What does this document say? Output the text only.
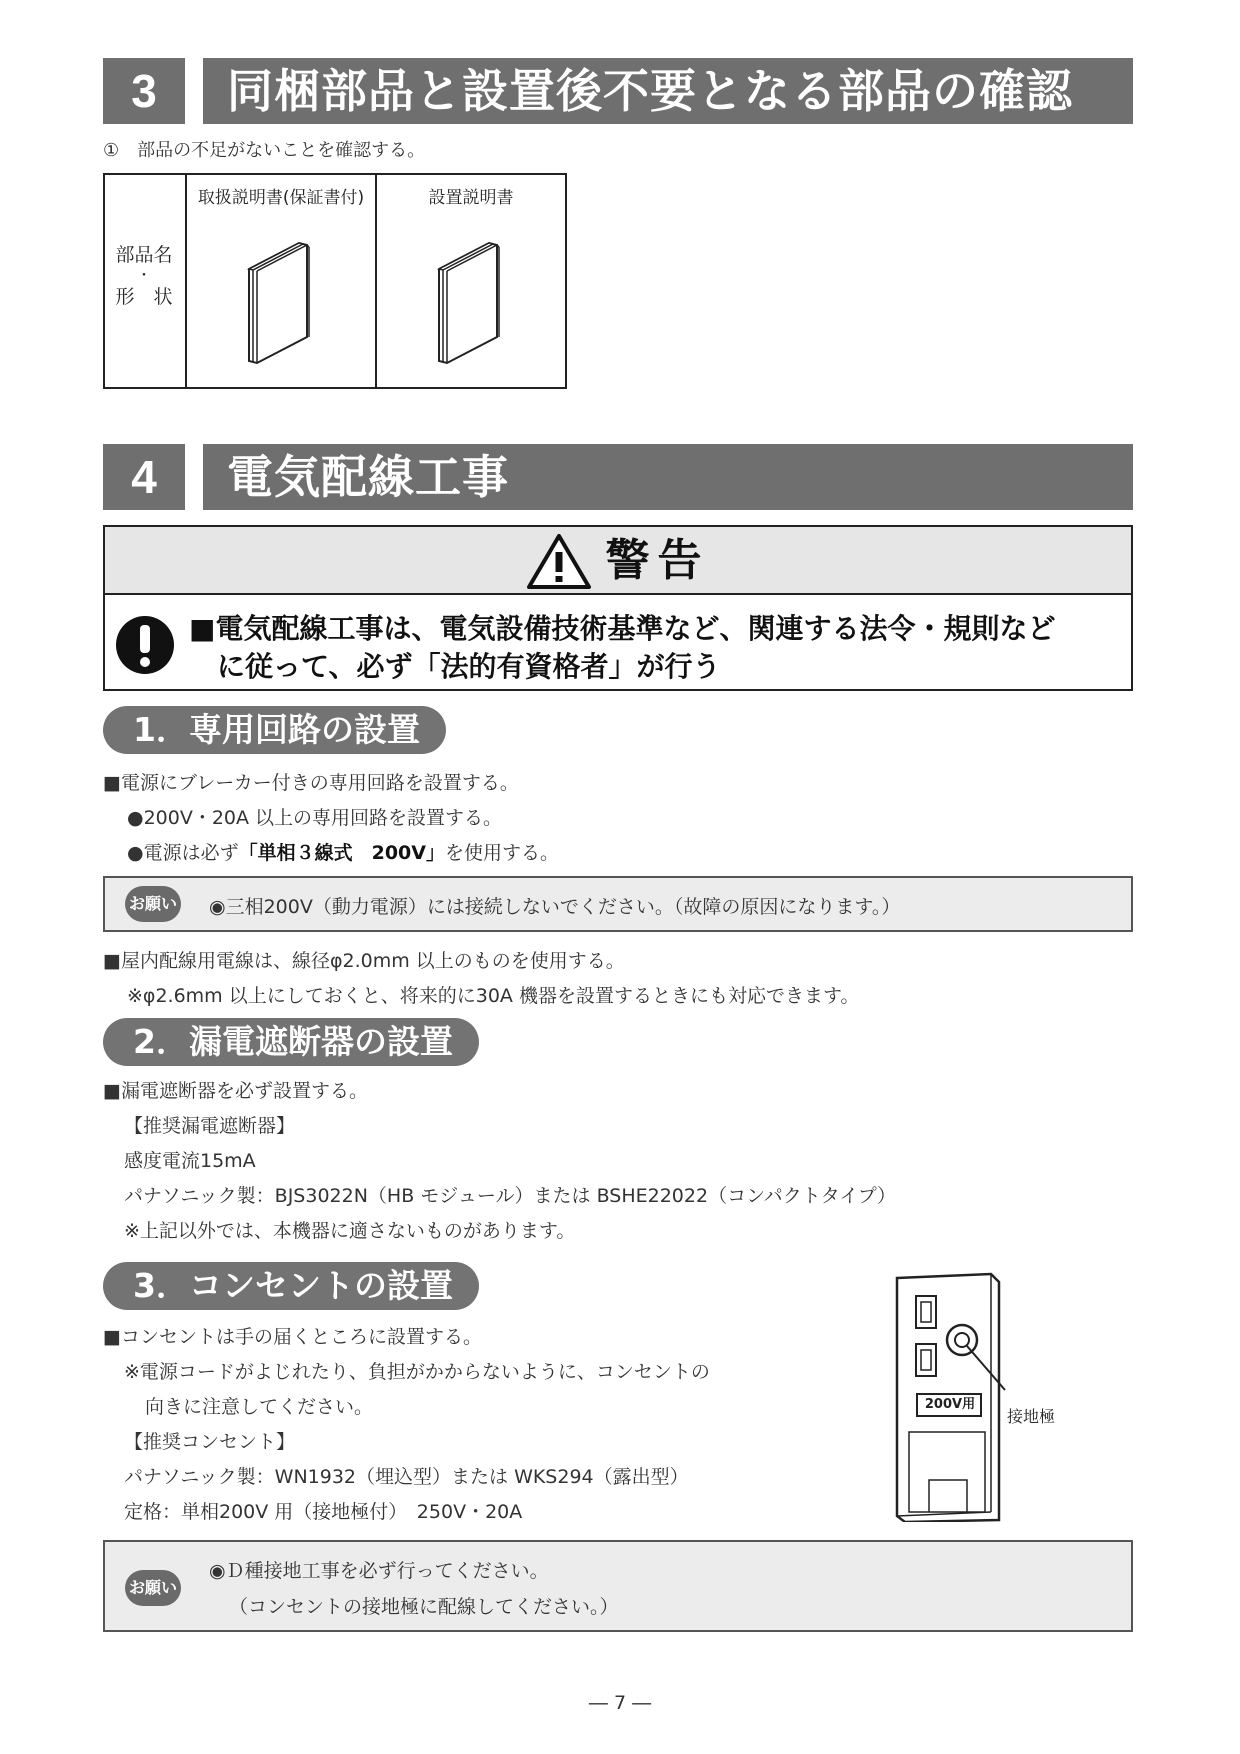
3	同梱部品と設置後不要となる部品の確認
①　部品の不足がないことを確認する。
部品名
・
形　状

取扱説明書(保証書付)	設置説明書
4	電気配線工事
警告
■電気配線工事は、電気設備技術基準など、関連する法令・規則など
に従って、必ず「法的有資格者」が行う
1．専用回路の設置
■電源にブレーカー付きの専用回路を設置する。
●200V・20A 以上の専用回路を設置する。
●電源は必ず「単相３線式　200V」を使用する。
お願い ◉三相200V（動力電源）には接続しないでください。（故障の原因になります。）
■屋内配線用電線は、線径φ2.0mm 以上のものを使用する。
※φ2.6mm 以上にしておくと、将来的に30A 機器を設置するときにも対応できます。
2．漏電遮断器の設置
■漏電遮断器を必ず設置する。
【推奨漏電遮断器】
感度電流15mA
パナソニック製：BJS3022N（HB モジュール）または BSHE22022（コンパクトタイプ）
※上記以外では、本機器に適さないものがあります。
3．コンセントの設置
■コンセントは手の届くところに設置する。
※電源コードがよじれたり、負担がかからないように、コンセントの
向きに注意してください。
【推奨コンセント】
パナソニック製：WN1932（埋込型）または WKS294（露出型）
定格：単相200V 用（接地極付）　250V・20A
200V用
接地極
お願い
◉Ｄ種接地工事を必ず行ってください。
（コンセントの接地極に配線してください。）
― 7 ―
